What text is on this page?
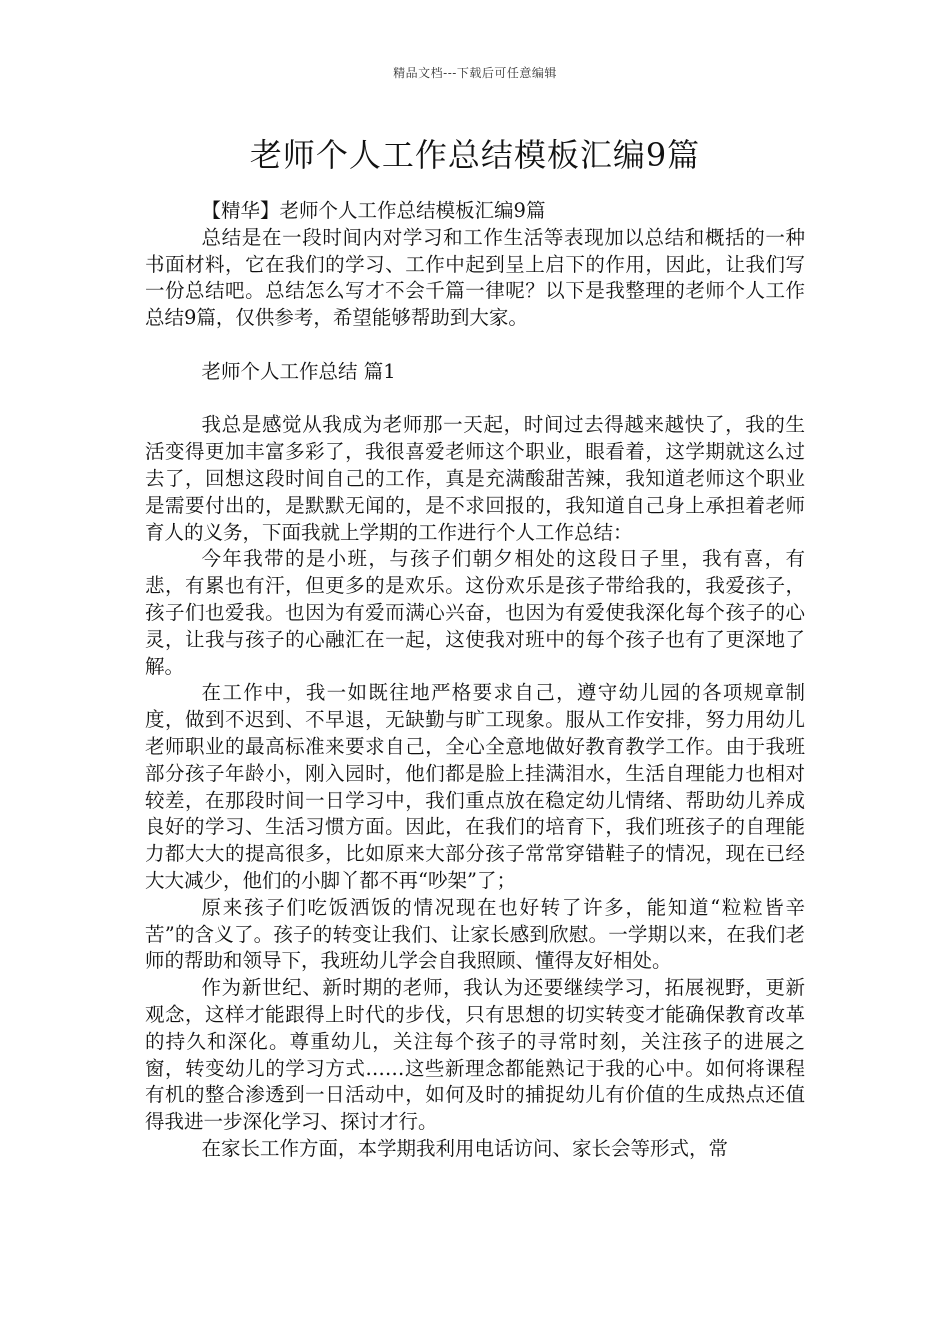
精品文档---下载后可任意编辑
老师个人工作总结模板汇编9篇

【精华】老师个人工作总结模板汇编9篇

总结是在一段时间内对学习和工作生活等表现加以总结和概括的一种书面材料，它在我们的学习、工作中起到呈上启下的作用，因此，让我们写一份总结吧。总结怎么写才不会千篇一律呢？以下是我整理的老师个人工作总结9篇，仅供参考，希望能够帮助到大家。

老师个人工作总结 篇1

我总是感觉从我成为老师那一天起，时间过去得越来越快了，我的生活变得更加丰富多彩了，我很喜爱老师这个职业，眼看着，这学期就这么过去了，回想这段时间自己的工作，真是充满酸甜苦辣，我知道老师这个职业是需要付出的，是默默无闻的，是不求回报的，我知道自己身上承担着老师育人的义务，下面我就上学期的工作进行个人工作总结：

今年我带的是小班，与孩子们朝夕相处的这段日子里，我有喜，有悲，有累也有汗，但更多的是欢乐。这份欢乐是孩子带给我的，我爱孩子，孩子们也爱我。也因为有爱而满心兴奋，也因为有爱使我深化每个孩子的心灵，让我与孩子的心融汇在一起，这使我对班中的每个孩子也有了更深地了解。

在工作中，我一如既往地严格要求自己，遵守幼儿园的各项规章制度，做到不迟到、不早退，无缺勤与旷工现象。服从工作安排，努力用幼儿老师职业的最高标准来要求自己，全心全意地做好教育教学工作。由于我班部分孩子年龄小，刚入园时，他们都是脸上挂满泪水，生活自理能力也相对较差，在那段时间一日学习中，我们重点放在稳定幼儿情绪、帮助幼儿养成良好的学习、生活习惯方面。因此，在我们的培育下，我们班孩子的自理能力都大大的提高很多，比如原来大部分孩子常常穿错鞋子的情况，现在已经大大减少，他们的小脚丫都不再“吵架”了；

原来孩子们吃饭洒饭的情况现在也好转了许多，能知道“粒粒皆辛苦”的含义了。孩子的转变让我们、让家长感到欣慰。一学期以来，在我们老师的帮助和领导下，我班幼儿学会自我照顾、懂得友好相处。

作为新世纪、新时期的老师，我认为还要继续学习，拓展视野，更新观念，这样才能跟得上时代的步伐，只有思想的切实转变才能确保教育改革的持久和深化。尊重幼儿，关注每个孩子的寻常时刻，关注孩子的进展之窗，转变幼儿的学习方式……这些新理念都能熟记于我的心中。如何将课程有机的整合渗透到一日活动中，如何及时的捕捉幼儿有价值的生成热点还值得我进一步深化学习、探讨才行。

在家长工作方面，本学期我利用电话访问、家长会等形式，常
